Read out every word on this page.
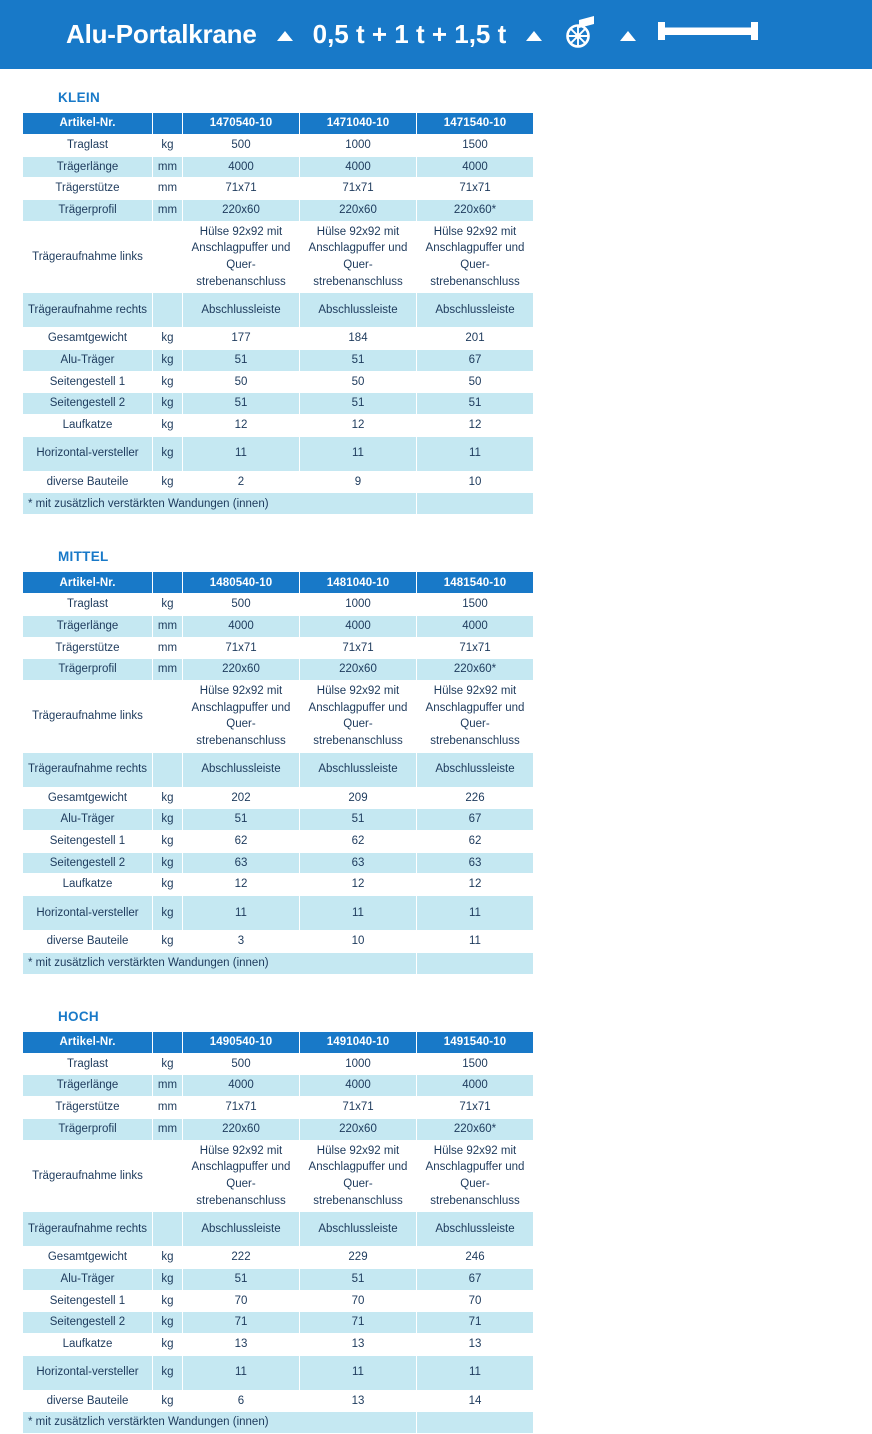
Alu-Portalkrane 0,5 t + 1 t + 1,5 t
KLEIN
Artikel-Nr.		1470540-10	1471040-10	1471540-10
Traglast	kg	500	1000	1500
Trägerlänge	mm	4000	4000	4000
Trägerstütze	mm	71x71	71x71	71x71
Trägerprofil	mm	220x60	220x60	220x60*
Trägeraufnahme links		Hülse 92x92 mit Anschlagpuffer und Quer-strebenanschluss	Hülse 92x92 mit Anschlagpuffer und Quer-strebenanschluss	Hülse 92x92 mit Anschlagpuffer und Quer-strebenanschluss
Trägeraufnahme rechts		Abschlussleiste	Abschlussleiste	Abschlussleiste
Gesamtgewicht	kg	177	184	201
Alu-Träger	kg	51	51	67
Seitengestell 1	kg	50	50	50
Seitengestell 2	kg	51	51	51
Laufkatze	kg	12	12	12
Horizontal-versteller	kg	11	11	11
diverse Bauteile	kg	2	9	10
* mit zusätzlich verstärkten Wandungen (innen)				
MITTEL
Artikel-Nr.		1480540-10	1481040-10	1481540-10
Traglast	kg	500	1000	1500
Trägerlänge	mm	4000	4000	4000
Trägerstütze	mm	71x71	71x71	71x71
Trägerprofil	mm	220x60	220x60	220x60*
Trägeraufnahme links		Hülse 92x92 mit Anschlagpuffer und Quer-strebenanschluss	Hülse 92x92 mit Anschlagpuffer und Quer-strebenanschluss	Hülse 92x92 mit Anschlagpuffer und Quer-strebenanschluss
Trägeraufnahme rechts		Abschlussleiste	Abschlussleiste	Abschlussleiste
Gesamtgewicht	kg	202	209	226
Alu-Träger	kg	51	51	67
Seitengestell 1	kg	62	62	62
Seitengestell 2	kg	63	63	63
Laufkatze	kg	12	12	12
Horizontal-versteller	kg	11	11	11
diverse Bauteile	kg	3	10	11
* mit zusätzlich verstärkten Wandungen (innen)				
HOCH
Artikel-Nr.		1490540-10	1491040-10	1491540-10
Traglast	kg	500	1000	1500
Trägerlänge	mm	4000	4000	4000
Trägerstütze	mm	71x71	71x71	71x71
Trägerprofil	mm	220x60	220x60	220x60*
Trägeraufnahme links		Hülse 92x92 mit Anschlagpuffer und Quer-strebenanschluss	Hülse 92x92 mit Anschlagpuffer und Quer-strebenanschluss	Hülse 92x92 mit Anschlagpuffer und Quer-strebenanschluss
Trägeraufnahme rechts		Abschlussleiste	Abschlussleiste	Abschlussleiste
Gesamtgewicht	kg	222	229	246
Alu-Träger	kg	51	51	67
Seitengestell 1	kg	70	70	70
Seitengestell 2	kg	71	71	71
Laufkatze	kg	13	13	13
Horizontal-versteller	kg	11	11	11
diverse Bauteile	kg	6	13	14
* mit zusätzlich verstärkten Wandungen (innen)				
